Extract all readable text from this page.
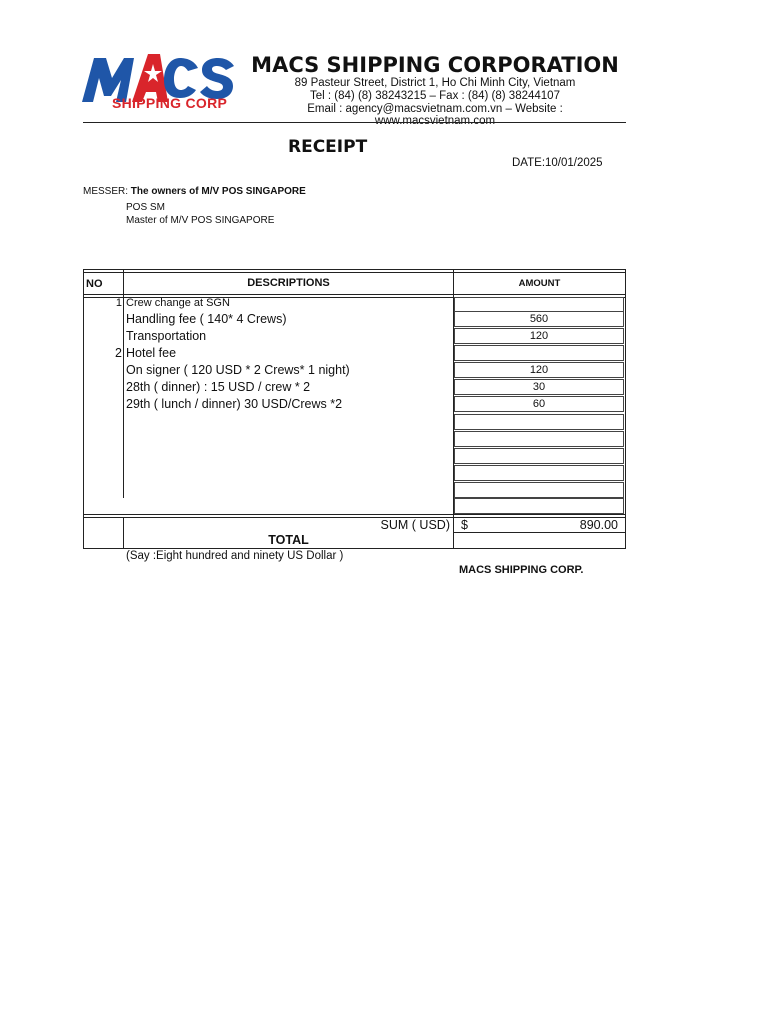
SHIPPING CORP
MACS SHIPPING CORPORATION
89 Pasteur Street, District 1, Ho Chi Minh City, Vietnam
Tel : (84) (8) 38243215 – Fax : (84) (8) 38244107
Email : agency@macsvietnam.com.vn – Website : www.macsvietnam.com
RECEIPT
DATE:10/01/2025
MESSER: The owners of M/V POS SINGAPORE
POS SM
Master of M/V POS SINGAPORE
NO	DESCRIPTIONS	AMOUNT
1 Crew change at SGN
Handling fee ( 140* 4 Crews)	560
Transportation	120
2 Hotel fee
On signer ( 120 USD * 2 Crews* 1 night)	120
28th ( dinner) : 15 USD / crew * 2	30
29th ( lunch / dinner) 30 USD/Crews *2	60
SUM ( USD) $	890.00
TOTAL
(Say :Eight hundred and ninety US Dollar )
MACS SHIPPING CORP.
